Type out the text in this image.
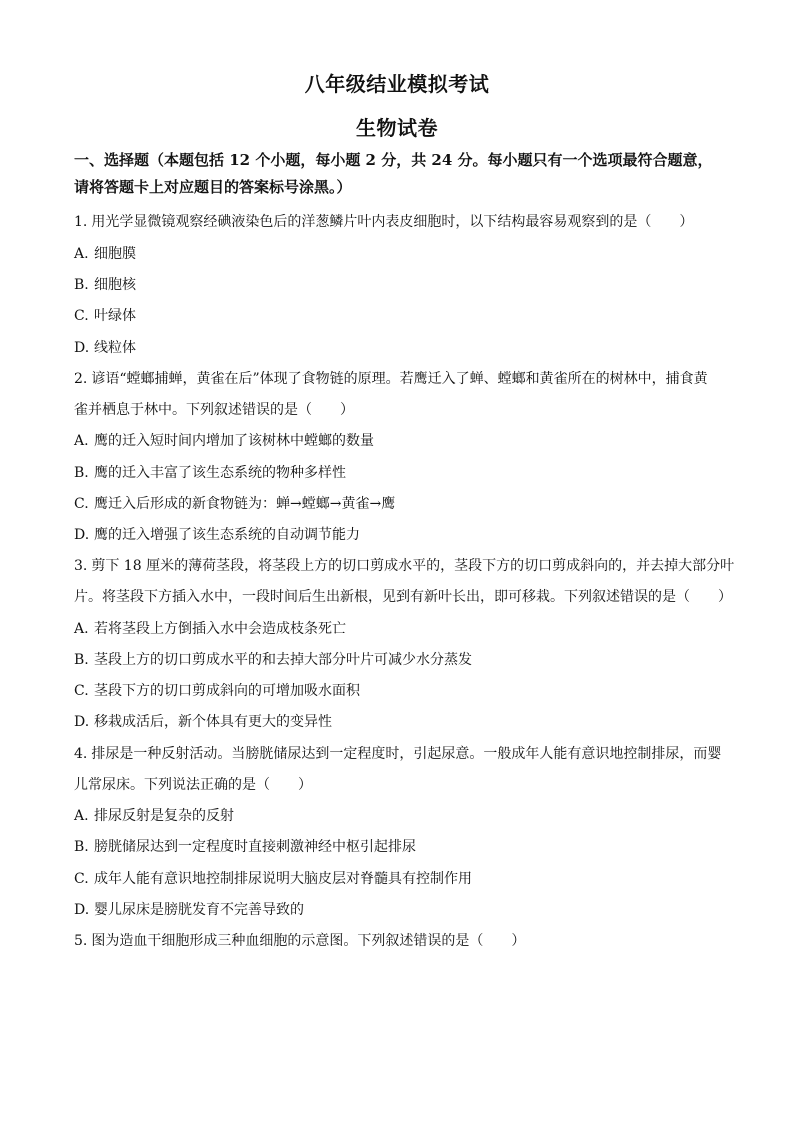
八年级结业模拟考试
生物试卷
一、选择题（本题包括 12 个小题，每小题 2 分，共 24 分。每小题只有一个选项最符合题意，
请将答题卡上对应题目的答案标号涂黑。）
1. 用光学显微镜观察经碘液染色后的洋葱鳞片叶内表皮细胞时，以下结构最容易观察到的是（　　）
A. 细胞膜
B. 细胞核
C. 叶绿体
D. 线粒体
2. 谚语“螳螂捕蝉，黄雀在后”体现了食物链的原理。若鹰迁入了蝉、螳螂和黄雀所在的树林中，捕食黄
雀并栖息于林中。下列叙述错误的是（　　）
A. 鹰的迁入短时间内增加了该树林中螳螂的数量
B. 鹰的迁入丰富了该生态系统的物种多样性
C. 鹰迁入后形成的新食物链为：蝉→螳螂→黄雀→鹰
D. 鹰的迁入增强了该生态系统的自动调节能力
3. 剪下 18 厘米的薄荷茎段，将茎段上方的切口剪成水平的，茎段下方的切口剪成斜向的，并去掉大部分叶
片。将茎段下方插入水中，一段时间后生出新根，见到有新叶长出，即可移栽。下列叙述错误的是（　　）
A. 若将茎段上方倒插入水中会造成枝条死亡
B. 茎段上方的切口剪成水平的和去掉大部分叶片可减少水分蒸发
C. 茎段下方的切口剪成斜向的可增加吸水面积
D. 移栽成活后，新个体具有更大的变异性
4. 排尿是一种反射活动。当膀胱储尿达到一定程度时，引起尿意。一般成年人能有意识地控制排尿，而婴
儿常尿床。下列说法正确的是（　　）
A. 排尿反射是复杂的反射
B. 膀胱储尿达到一定程度时直接刺激神经中枢引起排尿
C. 成年人能有意识地控制排尿说明大脑皮层对脊髓具有控制作用
D. 婴儿尿床是膀胱发育不完善导致的
5. 图为造血干细胞形成三种血细胞的示意图。下列叙述错误的是（　　）
